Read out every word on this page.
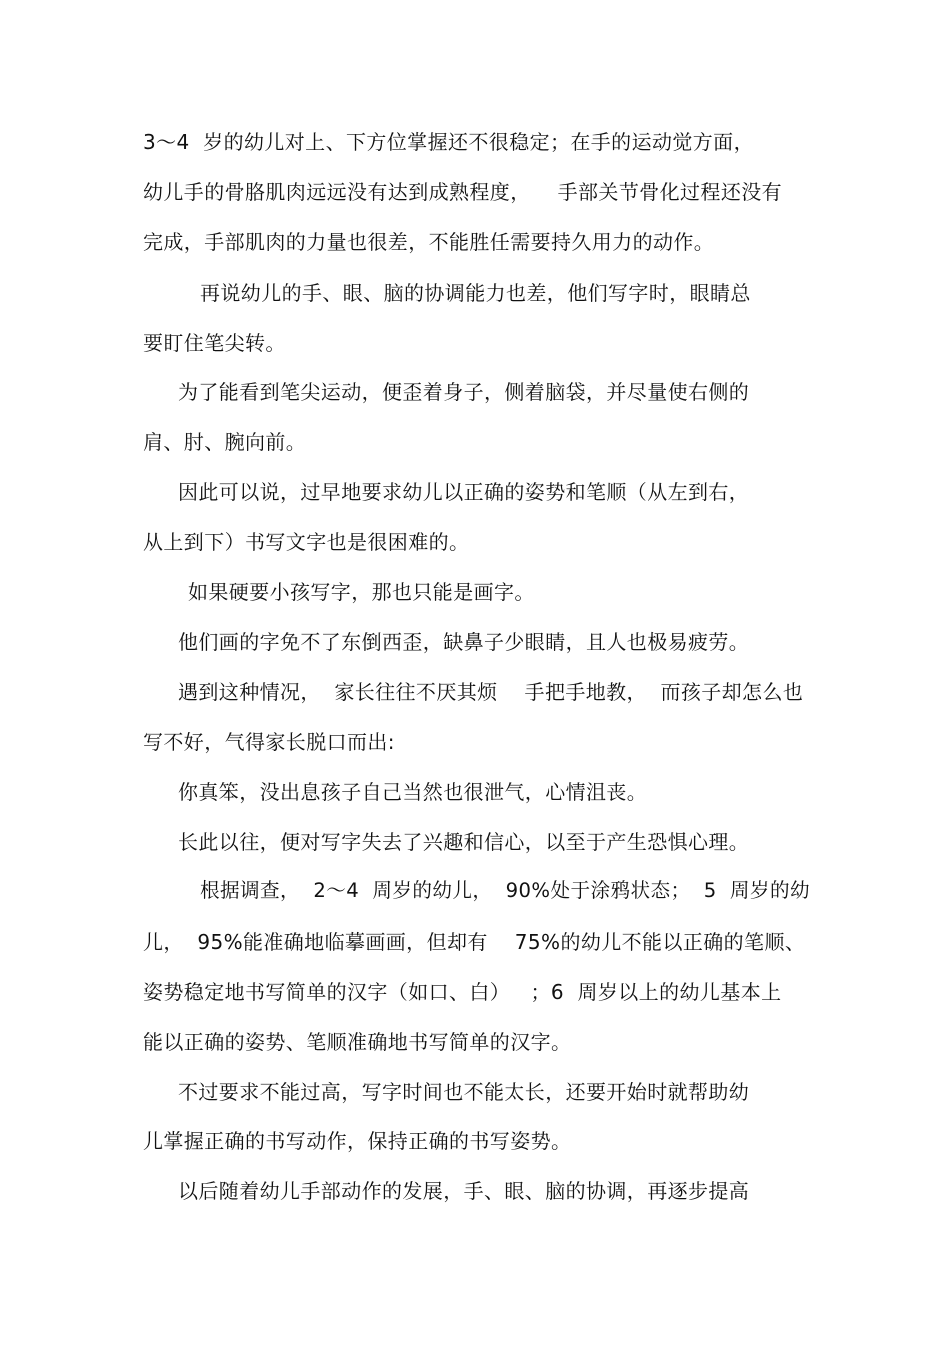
3～4  岁的幼儿对上、下方位掌握还不很稳定；在手的运动觉方面，
幼儿手的骨胳肌肉远远没有达到成熟程度，    手部关节骨化过程还没有
完成，手部肌肉的力量也很差，不能胜任需要持久用力的动作。
再说幼儿的手、眼、脑的协调能力也差，他们写字时，眼睛总
要盯住笔尖转。
为了能看到笔尖运动，便歪着身子，侧着脑袋，并尽量使右侧的
肩、肘、腕向前。
因此可以说，过早地要求幼儿以正确的姿势和笔顺（从左到右，
从上到下）书写文字也是很困难的。
如果硬要小孩写字，那也只能是画字。
他们画的字免不了东倒西歪，缺鼻子少眼睛，且人也极易疲劳。
遇到这种情况，  家长往往不厌其烦    手把手地教，  而孩子却怎么也
写不好，气得家长脱口而出:
你真笨，没出息孩子自己当然也很泄气，心情沮丧。
长此以往，便对写字失去了兴趣和信心，以至于产生恐惧心理。
根据调查，  2～4  周岁的幼儿，  90%处于涂鸦状态；  5  周岁的幼
儿，  95%能准确地临摹画画，但却有    75%的幼儿不能以正确的笔顺、
姿势稳定地书写简单的汉字（如口、白）   ；6  周岁以上的幼儿基本上
能以正确的姿势、笔顺准确地书写简单的汉字。
不过要求不能过高，写字时间也不能太长，还要开始时就帮助幼
儿掌握正确的书写动作，保持正确的书写姿势。
以后随着幼儿手部动作的发展，手、眼、脑的协调，再逐步提高
